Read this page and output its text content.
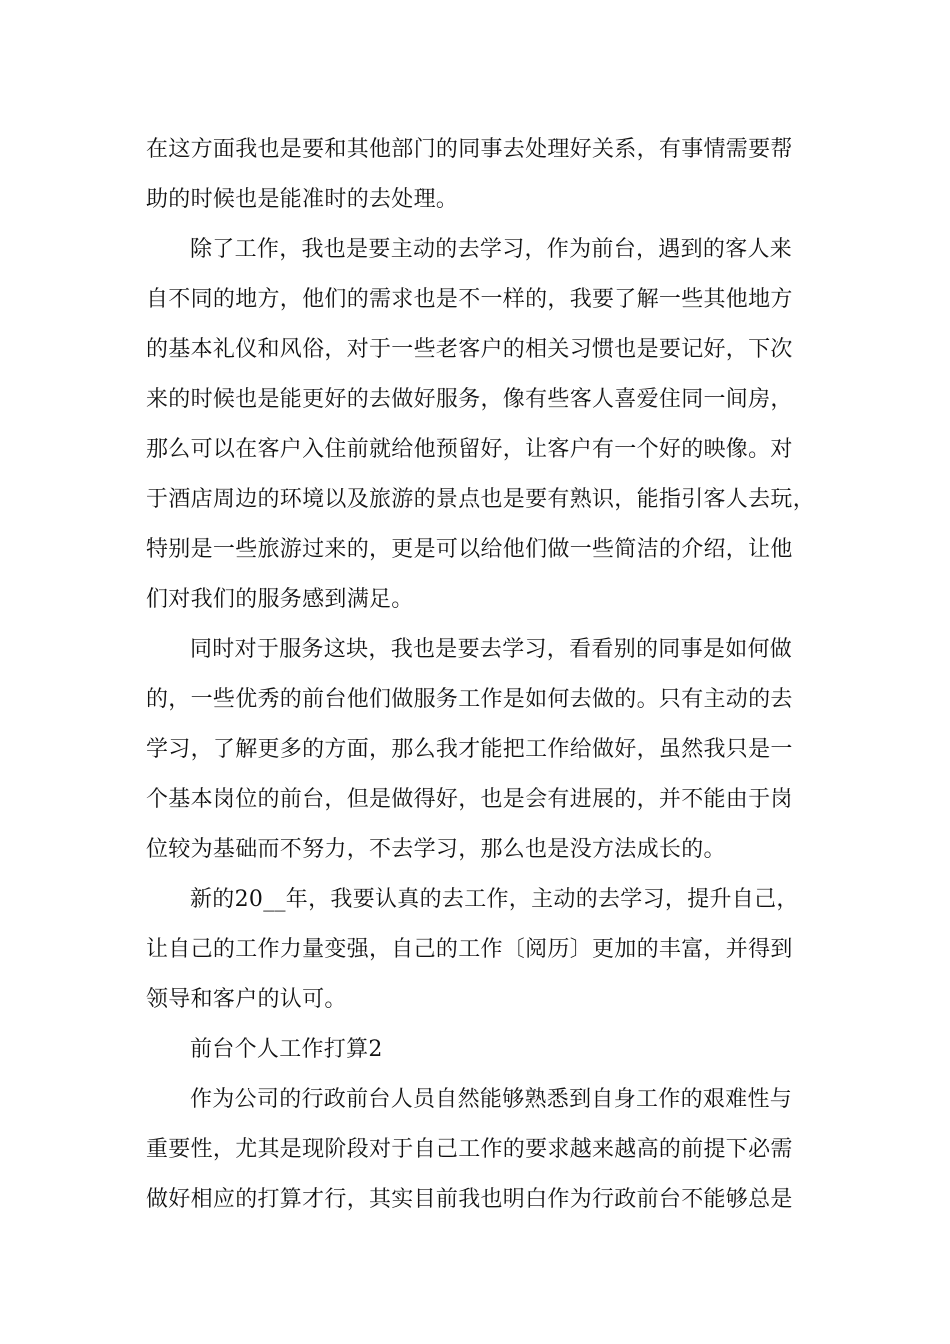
在这方面我也是要和其他部门的同事去处理好关系，有事情需要帮
助的时候也是能准时的去处理。
除了工作，我也是要主动的去学习，作为前台，遇到的客人来
自不同的地方，他们的需求也是不一样的，我要了解一些其他地方
的基本礼仪和风俗，对于一些老客户的相关习惯也是要记好，下次
来的时候也是能更好的去做好服务，像有些客人喜爱住同一间房，
那么可以在客户入住前就给他预留好，让客户有一个好的映像。对
于酒店周边的环境以及旅游的景点也是要有熟识，能指引客人去玩，
特别是一些旅游过来的，更是可以给他们做一些简洁的介绍，让他
们对我们的服务感到满足。
同时对于服务这块，我也是要去学习，看看别的同事是如何做
的，一些优秀的前台他们做服务工作是如何去做的。只有主动的去
学习，了解更多的方面，那么我才能把工作给做好，虽然我只是一
个基本岗位的前台，但是做得好，也是会有进展的，并不能由于岗
位较为基础而不努力，不去学习，那么也是没方法成长的。
新的20__年，我要认真的去工作，主动的去学习，提升自己，
让自己的工作力量变强，自己的工作〔阅历〕更加的丰富，并得到
领导和客户的认可。
前台个人工作打算2
作为公司的行政前台人员自然能够熟悉到自身工作的艰难性与
重要性，尤其是现阶段对于自己工作的要求越来越高的前提下必需
做好相应的打算才行，其实目前我也明白作为行政前台不能够总是
